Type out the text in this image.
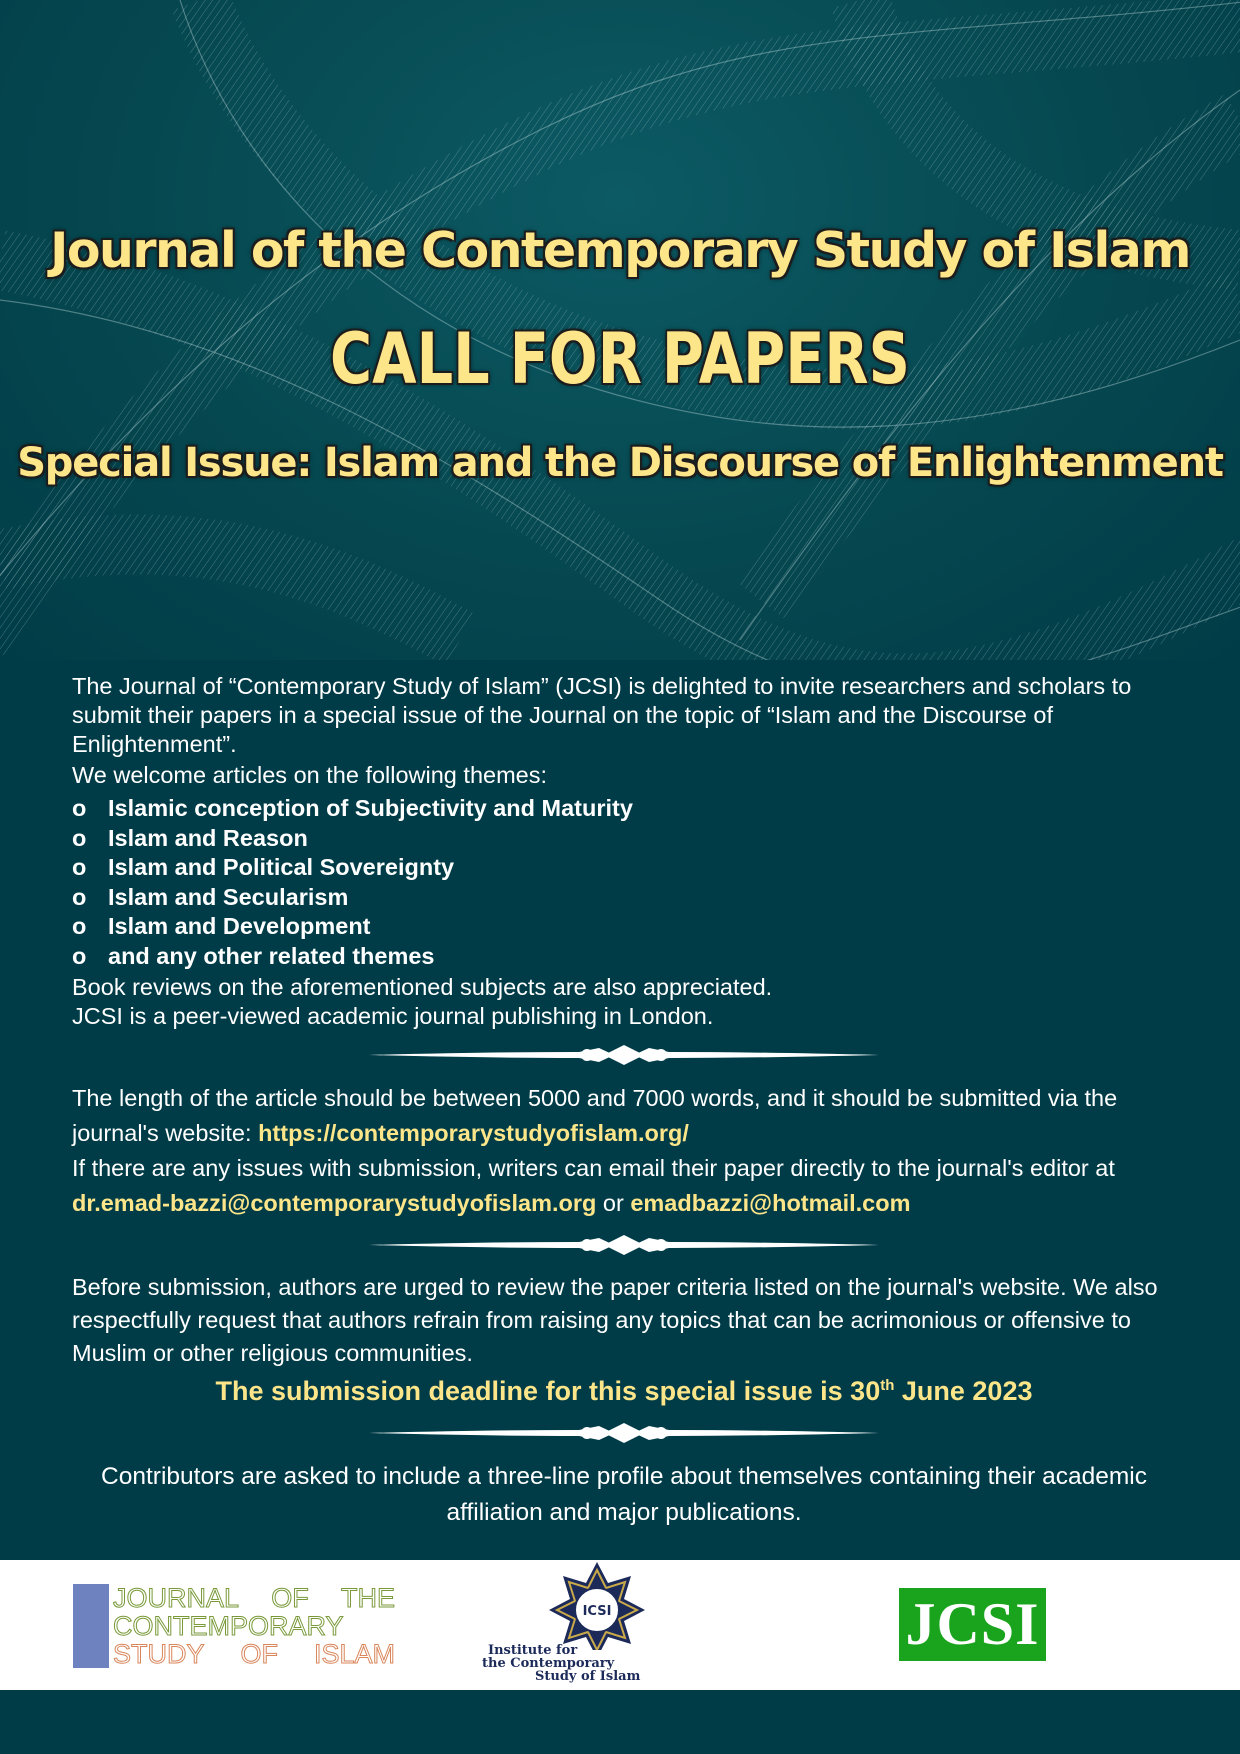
Journal of the Contemporary Study of Islam
CALL FOR PAPERS
Special Issue: Islam and the Discourse of Enlightenment

The Journal of “Contemporary Study of Islam” (JCSI) is delighted to invite researchers and scholars to submit their papers in a special issue of the Journal on the topic of “Islam and the Discourse of Enlightenment”.

We welcome articles on the following themes:

o Islamic conception of Subjectivity and Maturity
o Islam and Reason
o Islam and Political Sovereignty
o Islam and Secularism
o Islam and Development
o and any other related themes

Book reviews on the aforementioned subjects are also appreciated.

JCSI is a peer-viewed academic journal publishing in London.

The length of the article should be between 5000 and 7000 words, and it should be submitted via the journal's website: https://contemporarystudyofislam.org/
If there are any issues with submission, writers can email their paper directly to the journal's editor at dr.emad-bazzi@contemporarystudyofislam.org or emadbazzi@hotmail.com

Before submission, authors are urged to review the paper criteria listed on the journal's website. We also respectfully request that authors refrain from raising any topics that can be acrimonious or offensive to Muslim or other religious communities.

The submission deadline for this special issue is 30th June 2023

Contributors are asked to include a three-line profile about themselves containing their academic affiliation and major publications.

JOURNAL OF THE
CONTEMPORARY
STUDY OF ISLAM
ICSI
Institute for
the Contemporary
Study of Islam
JCSI
